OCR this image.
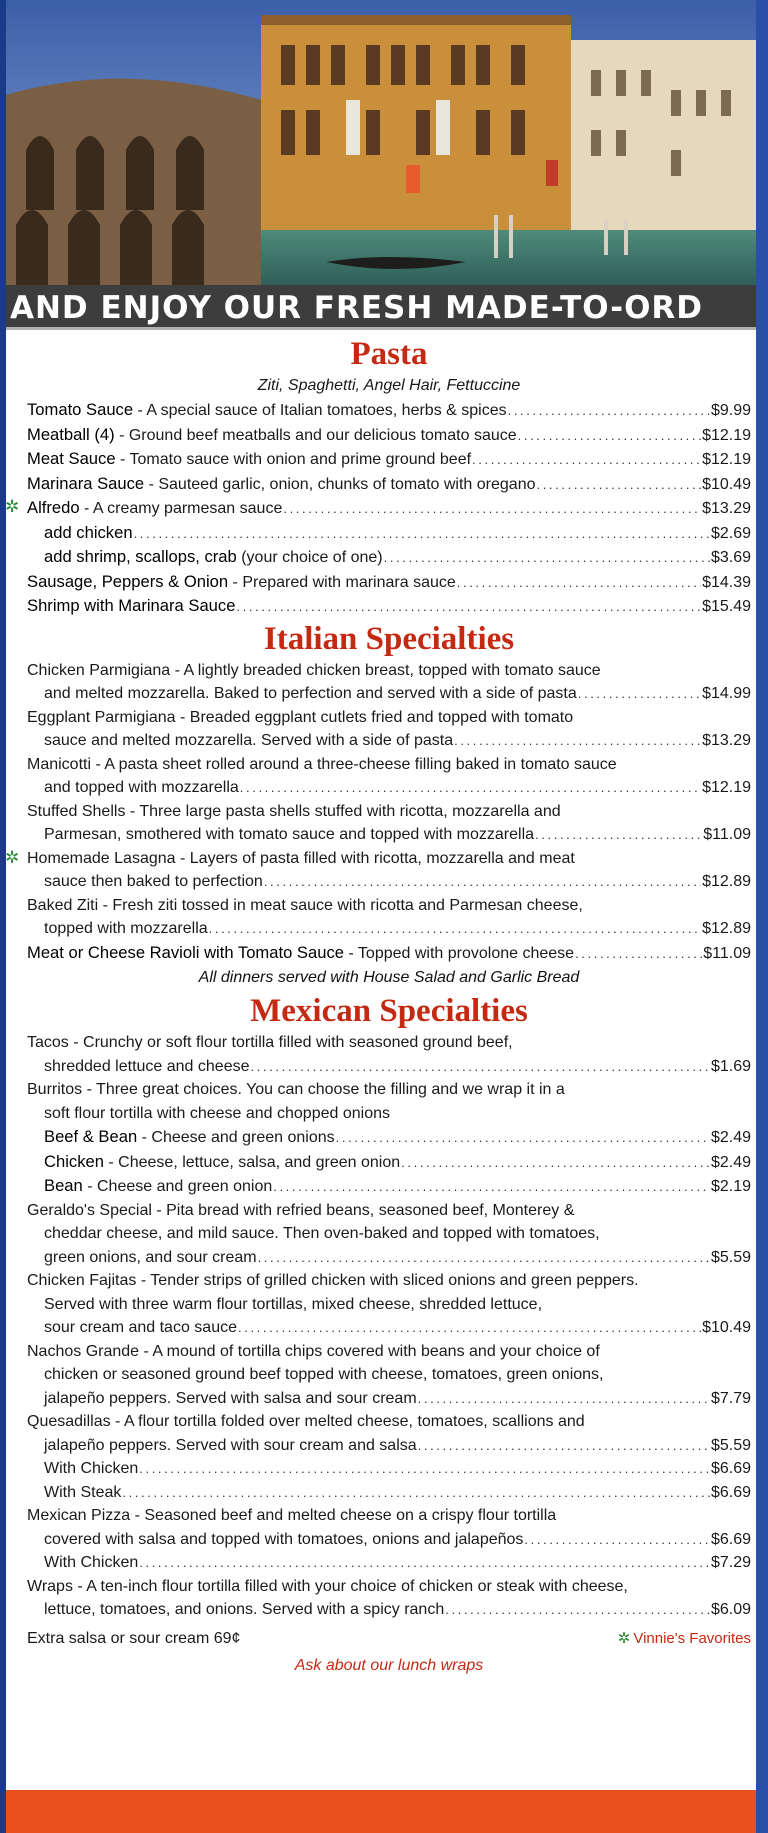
AND ENJOY OUR FRESH MADE-TO-ORD
Pasta
Ziti, Spaghetti, Angel Hair, Fettuccine
Tomato Sauce - A special sauce of Italian tomatoes, herbs & spices . . .	$9.99
Meatball (4) - Ground beef meatballs and our delicious tomato sauce . . .	$12.19
Meat Sauce - Tomato sauce with onion and prime ground beef . . .	$12.19
Marinara Sauce - Sauteed garlic, onion, chunks of tomato with oregano . . .	$10.49
✲ Alfredo - A creamy parmesan sauce . . .	$13.29
add chicken . . .	$2.69
add shrimp, scallops, crab (your choice of one) . . .	$3.69
Sausage, Peppers & Onion - Prepared with marinara sauce . . .	$14.39
Shrimp with Marinara Sauce . . .	$15.49
Italian Specialties
Chicken Parmigiana - A lightly breaded chicken breast, topped with tomato sauce
and melted mozzarella. Baked to perfection and served with a side of pasta . . .	$14.99
Eggplant Parmigiana - Breaded eggplant cutlets fried and topped with tomato
sauce and melted mozzarella. Served with a side of pasta . . .	$13.29
Manicotti - A pasta sheet rolled around a three-cheese filling baked in tomato sauce
and topped with mozzarella . . .	$12.19
Stuffed Shells - Three large pasta shells stuffed with ricotta, mozzarella and
Parmesan, smothered with tomato sauce and topped with mozzarella . . .	$11.09
✲ Homemade Lasagna - Layers of pasta filled with ricotta, mozzarella and meat
sauce then baked to perfection . . .	$12.89
Baked Ziti - Fresh ziti tossed in meat sauce with ricotta and Parmesan cheese,
topped with mozzarella . . .	$12.89
Meat or Cheese Ravioli with Tomato Sauce - Topped with provolone cheese . . .	$11.09
All dinners served with House Salad and Garlic Bread
Mexican Specialties
Tacos - Crunchy or soft flour tortilla filled with seasoned ground beef,
shredded lettuce and cheese . . .	$1.69
Burritos - Three great choices. You can choose the filling and we wrap it in a
soft flour tortilla with cheese and chopped onions
Beef & Bean - Cheese and green onions . . .	$2.49
Chicken - Cheese, lettuce, salsa, and green onion . . .	$2.49
Bean - Cheese and green onion . . .	$2.19
Geraldo's Special - Pita bread with refried beans, seasoned beef, Monterey &
cheddar cheese, and mild sauce. Then oven-baked and topped with tomatoes,
green onions, and sour cream . . .	$5.59
Chicken Fajitas - Tender strips of grilled chicken with sliced onions and green peppers.
Served with three warm flour tortillas, mixed cheese, shredded lettuce,
sour cream and taco sauce . . .	$10.49
Nachos Grande - A mound of tortilla chips covered with beans and your choice of
chicken or seasoned ground beef topped with cheese, tomatoes, green onions,
jalapeño peppers. Served with salsa and sour cream . . .	$7.79
Quesadillas - A flour tortilla folded over melted cheese, tomatoes, scallions and
jalapeño peppers. Served with sour cream and salsa . . .	$5.59
With Chicken . . .	$6.69
With Steak . . .	$6.69
Mexican Pizza - Seasoned beef and melted cheese on a crispy flour tortilla
covered with salsa and topped with tomatoes, onions and jalapeños . . .	$6.69
With Chicken . . .	$7.29
Wraps - A ten-inch flour tortilla filled with your choice of chicken or steak with cheese,
lettuce, tomatoes, and onions. Served with a spicy ranch . . .	$6.09
Extra salsa or sour cream 69¢	✲ Vinnie's Favorites
Ask about our lunch wraps
